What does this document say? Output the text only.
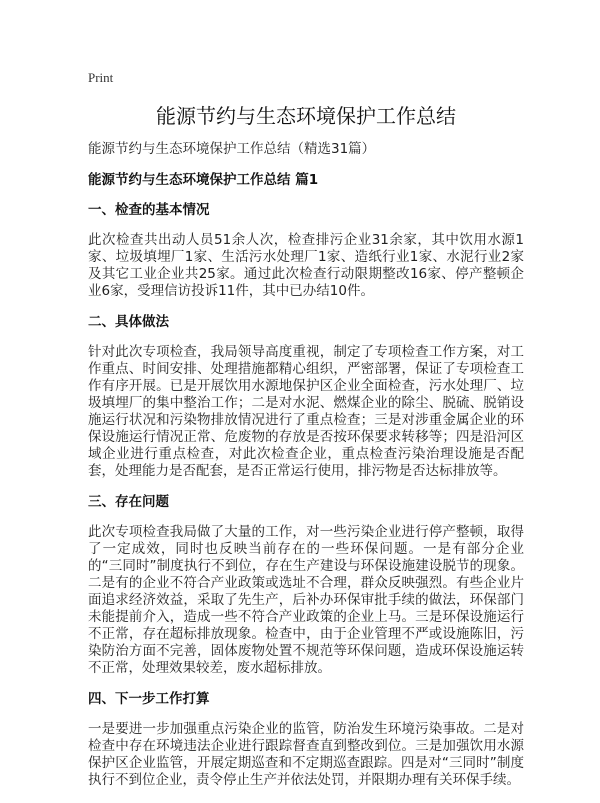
Print
能源节约与生态环境保护工作总结
能源节约与生态环境保护工作总结（精选31篇）
能源节约与生态环境保护工作总结 篇1
一、检查的基本情况
此次检查共出动人员51余人次，检查排污企业31余家，其中饮用水源1家、垃圾填埋厂1家、生活污水处理厂1家、造纸行业1家、水泥行业2家及其它工业企业共25家。通过此次检查行动限期整改16家、停产整顿企业6家，受理信访投诉11件，其中已办结10件。
二、具体做法
针对此次专项检查，我局领导高度重视，制定了专项检查工作方案，对工作重点、时间安排、处理措施都精心组织，严密部署，保证了专项检查工作有序开展。已是开展饮用水源地保护区企业全面检查，污水处理厂、垃圾填埋厂的集中整治工作；二是对水泥、燃煤企业的除尘、脱硫、脱销设施运行状况和污染物排放情况进行了重点检查；三是对涉重金属企业的环保设施运行情况正常、危废物的存放是否按环保要求转移等；四是沿河区域企业进行重点检查，对此次检查企业，重点检查污染治理设施是否配套，处理能力是否配套，是否正常运行使用，排污物是否达标排放等。
三、存在问题
此次专项检查我局做了大量的工作，对一些污染企业进行停产整顿，取得了一定成效，同时也反映当前存在的一些环保问题。一是有部分企业的“三同时”制度执行不到位，存在生产建设与环保设施建设脱节的现象。二是有的企业不符合产业政策或选址不合理，群众反映强烈。有些企业片面追求经济效益，采取了先生产，后补办环保审批手续的做法，环保部门未能提前介入，造成一些不符合产业政策的企业上马。三是环保设施运行不正常，存在超标排放现象。检查中，由于企业管理不严或设施陈旧，污染防治方面不完善，固体废物处置不规范等环保问题，造成环保设施运转不正常，处理效果较差，废水超标排放。
四、下一步工作打算
一是要进一步加强重点污染企业的监管，防治发生环境污染事故。二是对检查中存在环境违法企业进行跟踪督查直到整改到位。三是加强饮用水源保护区企业监管，开展定期巡查和不定期巡查跟踪。四是对“三同时”制度执行不到位企业，责令停止生产并依法处罚，并限期办理有关环保手续。
